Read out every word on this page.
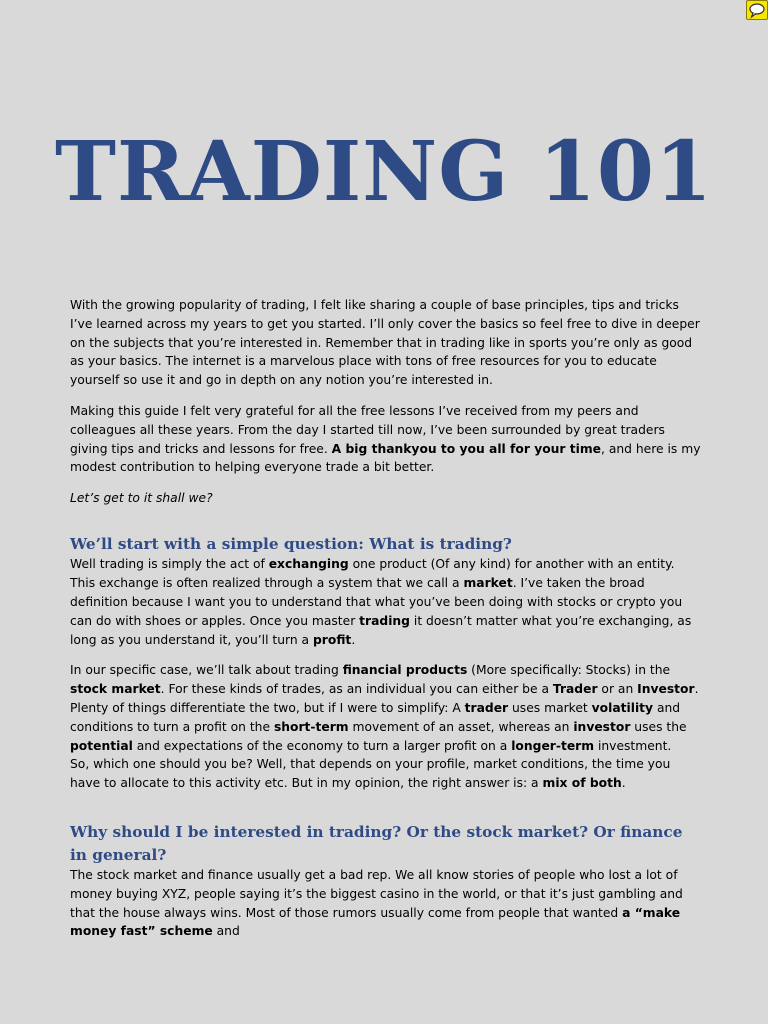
TRADING 101

With the growing popularity of trading, I felt like sharing a couple of base principles, tips and tricks I’ve learned across my years to get you started. I’ll only cover the basics so feel free to dive in deeper on the subjects that you’re interested in. Remember that in trading like in sports you’re only as good as your basics. The internet is a marvelous place with tons of free resources for you to educate yourself so use it and go in depth on any notion you’re interested in.

Making this guide I felt very grateful for all the free lessons I’ve received from my peers and colleagues all these years. From the day I started till now, I’ve been surrounded by great traders giving tips and tricks and lessons for free. A big thankyou to you all for your time, and here is my modest contribution to helping everyone trade a bit better.

Let’s get to it shall we?

We’ll start with a simple question: What is trading?

Well trading is simply the act of exchanging one product (Of any kind) for another with an entity. This exchange is often realized through a system that we call a market. I’ve taken the broad definition because I want you to understand that what you’ve been doing with stocks or crypto you can do with shoes or apples. Once you master trading it doesn’t matter what you’re exchanging, as long as you understand it, you’ll turn a profit.

In our specific case, we’ll talk about trading financial products (More specifically: Stocks) in the stock market. For these kinds of trades, as an individual you can either be a Trader or an Investor. Plenty of things differentiate the two, but if I were to simplify: A trader uses market volatility and conditions to turn a profit on the short-term movement of an asset, whereas an investor uses the potential and expectations of the economy to turn a larger profit on a longer-term investment.

So, which one should you be? Well, that depends on your profile, market conditions, the time you have to allocate to this activity etc. But in my opinion, the right answer is: a mix of both.

Why should I be interested in trading? Or the stock market? Or finance in general?

The stock market and finance usually get a bad rep. We all know stories of people who lost a lot of money buying XYZ, people saying it’s the biggest casino in the world, or that it’s just gambling and that the house always wins. Most of those rumors usually come from people that wanted a “make money fast” scheme and
